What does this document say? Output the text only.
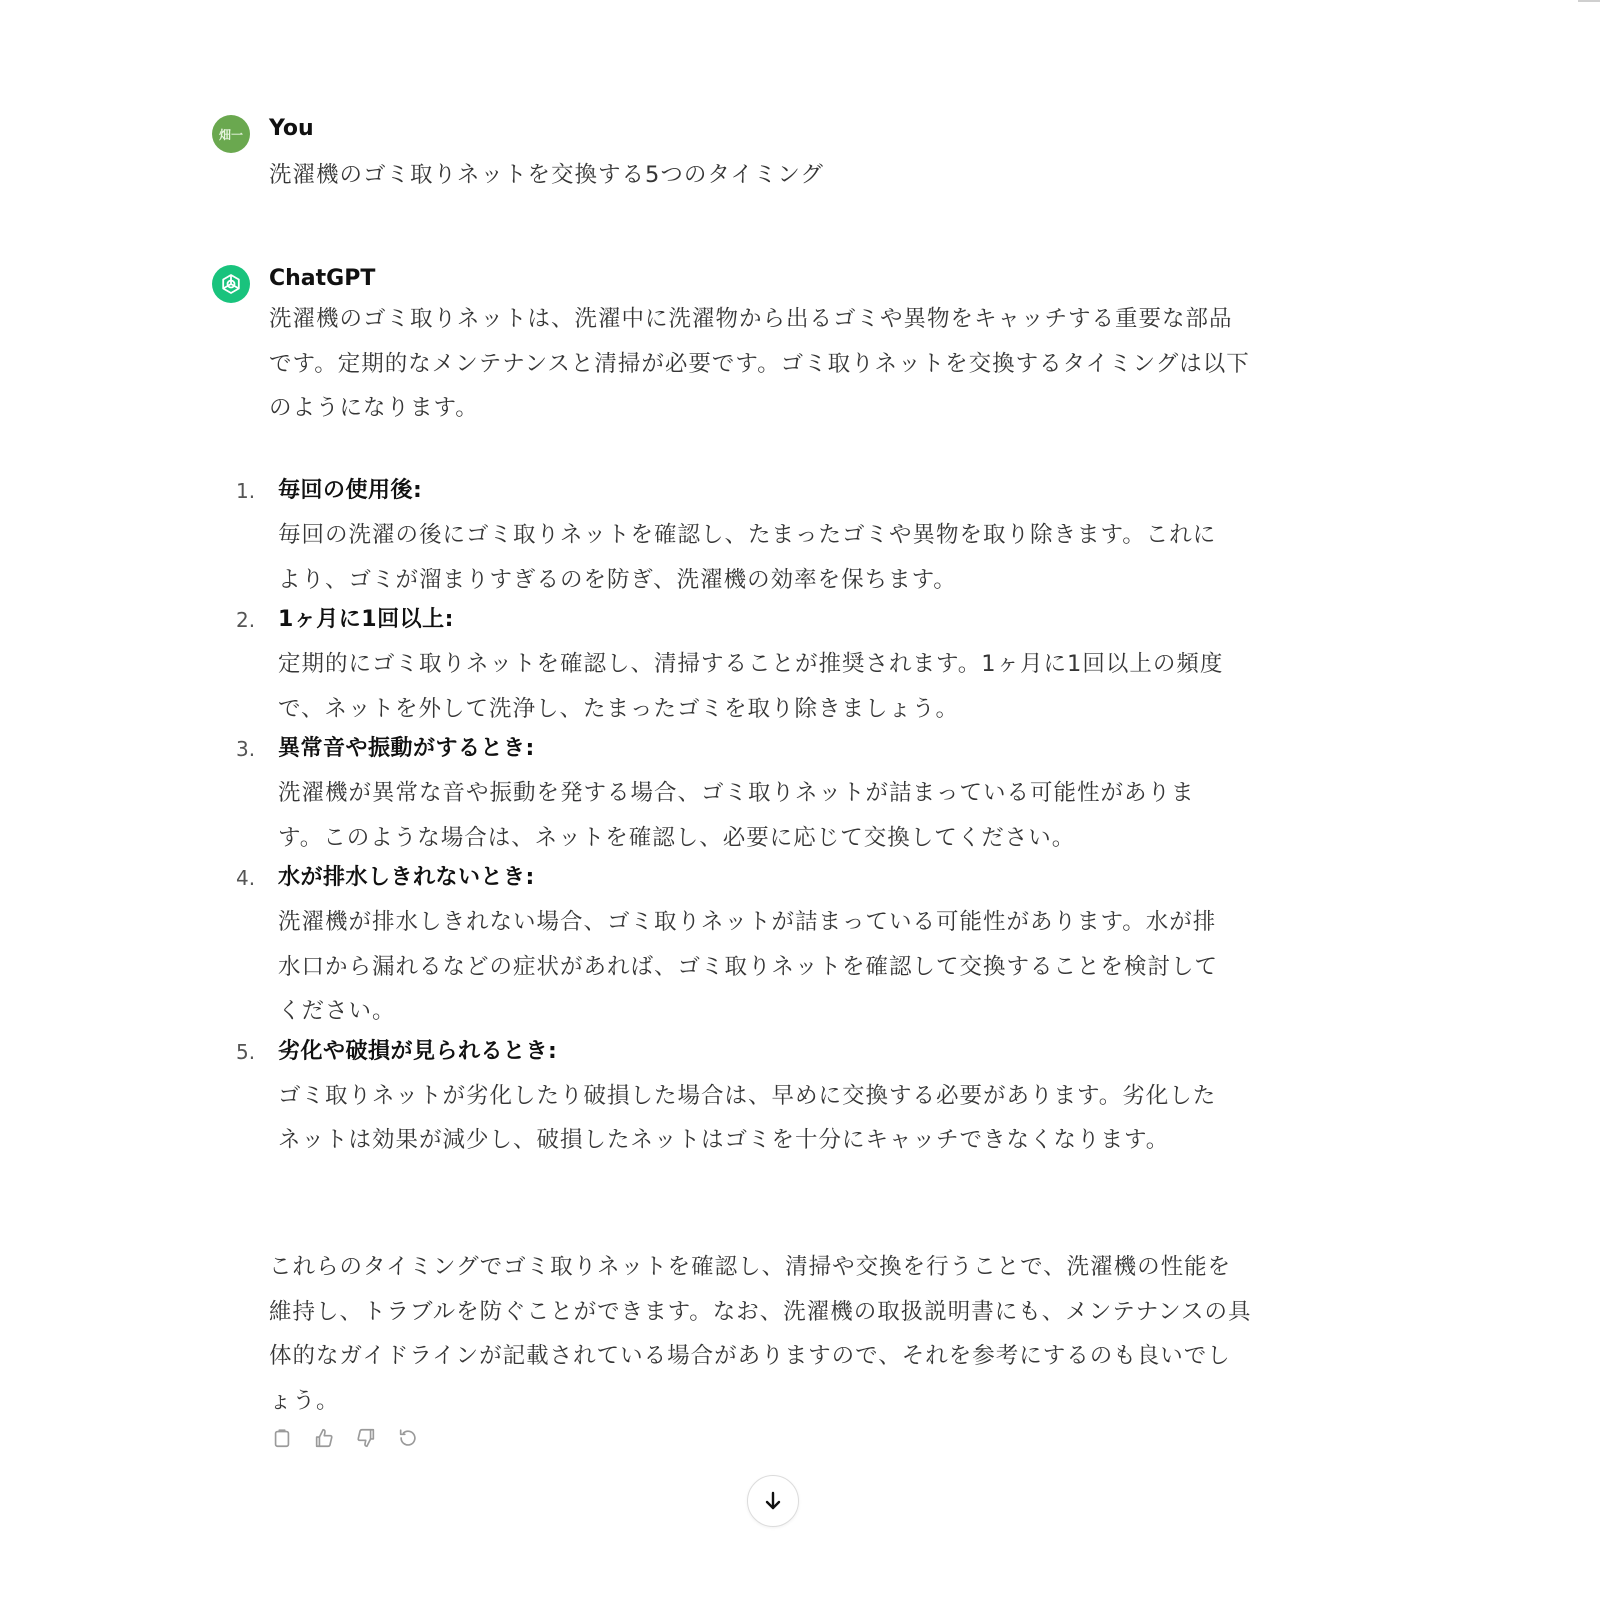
畑一 You
洗濯機のゴミ取りネットを交換する5つのタイミング
ChatGPT
洗濯機のゴミ取りネットは、洗濯中に洗濯物から出るゴミや異物をキャッチする重要な部品です。定期的なメンテナンスと清掃が必要です。ゴミ取りネットを交換するタイミングは以下のようになります。
1. 毎回の使用後:
毎回の洗濯の後にゴミ取りネットを確認し、たまったゴミや異物を取り除きます。これにより、ゴミが溜まりすぎるのを防ぎ、洗濯機の効率を保ちます。
2. 1ヶ月に1回以上:
定期的にゴミ取りネットを確認し、清掃することが推奨されます。1ヶ月に1回以上の頻度で、ネットを外して洗浄し、たまったゴミを取り除きましょう。
3. 異常音や振動がするとき:
洗濯機が異常な音や振動を発する場合、ゴミ取りネットが詰まっている可能性があります。このような場合は、ネットを確認し、必要に応じて交換してください。
4. 水が排水しきれないとき:
洗濯機が排水しきれない場合、ゴミ取りネットが詰まっている可能性があります。水が排水口から漏れるなどの症状があれば、ゴミ取りネットを確認して交換することを検討してください。
5. 劣化や破損が見られるとき:
ゴミ取りネットが劣化したり破損した場合は、早めに交換する必要があります。劣化したネットは効果が減少し、破損したネットはゴミを十分にキャッチできなくなります。
これらのタイミングでゴミ取りネットを確認し、清掃や交換を行うことで、洗濯機の性能を維持し、トラブルを防ぐことができます。なお、洗濯機の取扱説明書にも、メンテナンスの具体的なガイドラインが記載されている場合がありますので、それを参考にするのも良いでしょう。
